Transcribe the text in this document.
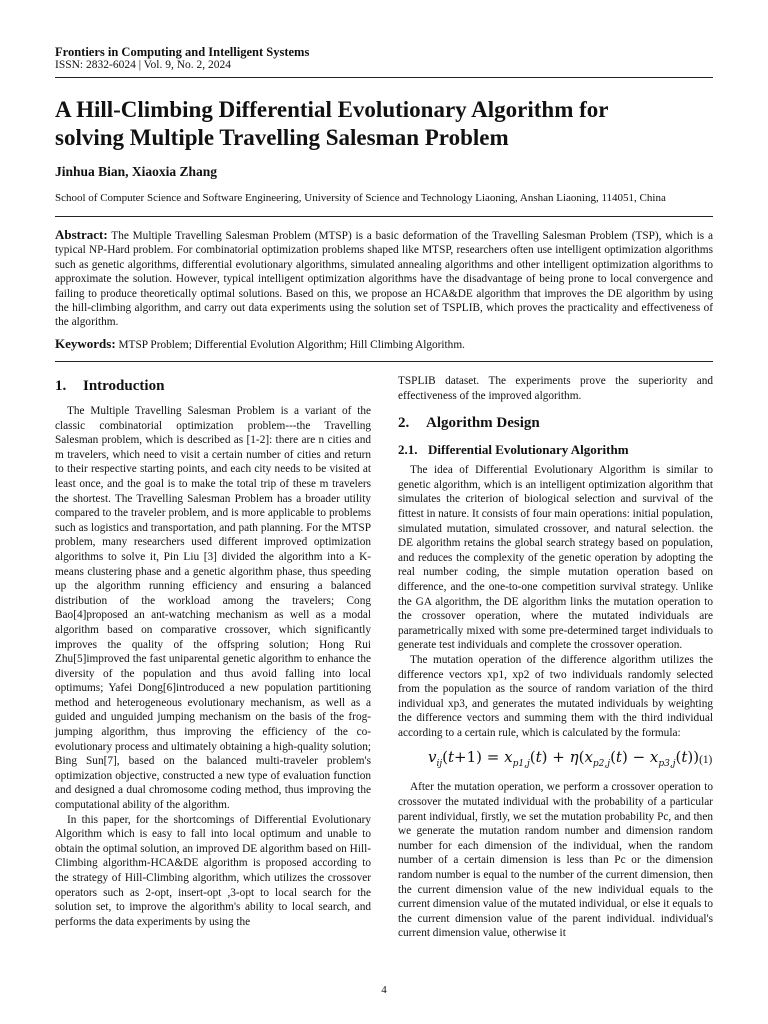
Frontiers in Computing and Intelligent Systems
ISSN: 2832-6024 | Vol. 9, No. 2, 2024
A Hill-Climbing Differential Evolutionary Algorithm for
solving Multiple Travelling Salesman Problem
Jinhua Bian, Xiaoxia Zhang
School of Computer Science and Software Engineering, University of Science and Technology Liaoning, Anshan Liaoning, 114051, China
Abstract: The Multiple Travelling Salesman Problem (MTSP) is a basic deformation of the Travelling Salesman Problem (TSP), which is a typical NP-Hard problem. For combinatorial optimization problems shaped like MTSP, researchers often use intelligent optimization algorithms such as genetic algorithms, differential evolutionary algorithms, simulated annealing algorithms and other intelligent optimization algorithms to approximate the solution. However, typical intelligent optimization algorithms have the disadvantage of being prone to local convergence and failing to produce theoretically optimal solutions. Based on this, we propose an HCA&DE algorithm that improves the DE algorithm by using the hill-climbing algorithm, and carry out data experiments using the solution set of TSPLIB, which proves the practicality and effectiveness of the algorithm.
Keywords: MTSP Problem; Differential Evolution Algorithm; Hill Climbing Algorithm.
1. Introduction

The Multiple Travelling Salesman Problem is a variant of the classic combinatorial optimization problem---the Travelling Salesman problem, which is described as [1-2]: there are n cities and m travelers, which need to visit a certain number of cities and return to their respective starting points, and each city needs to be visited at least once, and the goal is to make the total trip of these m travelers the shortest. The Travelling Salesman Problem has a broader utility compared to the traveler problem, and is more applicable to problems such as logistics and transportation, and path planning. For the MTSP problem, many researchers used different improved optimization algorithms to solve it, Pin Liu [3] divided the algorithm into a K-means clustering phase and a genetic algorithm phase, thus speeding up the algorithm running efficiency and ensuring a balanced distribution of the workload among the travelers; Cong Bao[4]proposed an ant-watching mechanism as well as a modal algorithm based on comparative crossover, which significantly improves the quality of the offspring solution; Hong Rui Zhu[5]improved the fast uniparental genetic algorithm to enhance the diversity of the population and thus avoid falling into local optimums; Yafei Dong[6]introduced a new population partitioning method and heterogeneous evolutionary mechanism, as well as a guided and unguided jumping mechanism on the basis of the frog-jumping algorithm, thus improving the efficiency of the co-evolutionary process and ultimately obtaining a high-quality solution; Bing Sun[7], based on the balanced multi-traveler problem's optimization objective, constructed a new type of evaluation function and designed a dual chromosome coding method, thus improving the computational ability of the algorithm.

In this paper, for the shortcomings of Differential Evolutionary Algorithm which is easy to fall into local optimum and unable to obtain the optimal solution, an improved DE algorithm based on Hill-Climbing algorithm-HCA&DE algorithm is proposed according to the strategy of Hill-Climbing algorithm, which utilizes the crossover operators such as 2-opt, insert-opt ,3-opt to local search for the solution set, to improve the algorithm's ability to local search, and performs the data experiments by using the

TSPLIB dataset. The experiments prove the superiority and effectiveness of the improved algorithm.

2. Algorithm Design
2.1. Differential Evolutionary Algorithm

The idea of Differential Evolutionary Algorithm is similar to genetic algorithm, which is an intelligent optimization algorithm that simulates the criterion of biological selection and survival of the fittest in nature. It consists of four main operations: initial population, simulated mutation, simulated crossover, and natural selection. the DE algorithm retains the global search strategy based on population, and reduces the complexity of the genetic operation by adopting the real number coding, the simple mutation operation based on difference, and the one-to-one competition survival strategy. Unlike the GA algorithm, the DE algorithm links the mutation operation to the crossover operation, where the mutated individuals are parametrically mixed with some pre-determined target individuals to generate test individuals and complete the crossover operation.

The mutation operation of the difference algorithm utilizes the difference vectors xp1, xp2 of two individuals randomly selected from the population as the source of random variation of the third individual xp3, and generates the mutated individuals by weighting the difference vectors and summing them with the third individual according to a certain rule, which is calculated by the formula:

$v_{ij}(t+1) = x_{p1,j}(t) + \eta(x_{p2,j}(t) - x_{p3,j}(t))$ (1)

After the mutation operation, we perform a crossover operation to crossover the mutated individual with the probability of a particular parent individual, firstly, we set the mutation probability Pc, and then we generate the mutation random number and dimension random number for each dimension of the individual, when the random number of a certain dimension is less than Pc or the dimension random number is equal to the number of the current dimension, then the current dimension value of the new individual equals to the current dimension value of the mutated individual, or else it equals to the current dimension value of the parent individual. individual's current dimension value, otherwise it

4
